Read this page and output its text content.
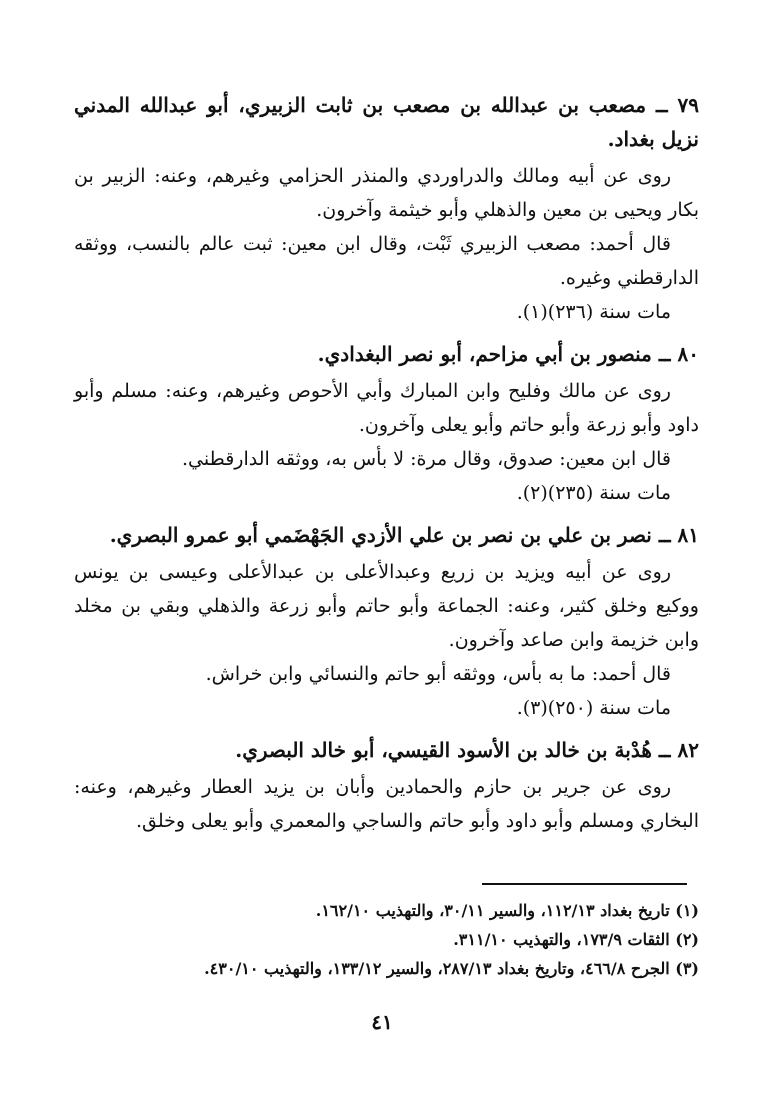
٧٩ ــ مصعب بن عبدالله بن مصعب بن ثابت الزبيري، أبو عبدالله المدني نزيل بغداد.

روى عن أبيه ومالك والدراوردي والمنذر الحزامي وغيرهم، وعنه: الزبير بن بكار ويحيى بن معين والذهلي وأبو خيثمة وآخرون.

قال أحمد: مصعب الزبيري ثَبْت، وقال ابن معين: ثبت عالم بالنسب، ووثقه الدارقطني وغيره.

مات سنة (٢٣٦)(١).

٨٠ ــ منصور بن أبي مزاحم، أبو نصر البغدادي.

روى عن مالك وفليح وابن المبارك وأبي الأحوص وغيرهم، وعنه: مسلم وأبو داود وأبو زرعة وأبو حاتم وأبو يعلى وآخرون.

قال ابن معين: صدوق، وقال مرة: لا بأس به، ووثقه الدارقطني.

مات سنة (٢٣٥)(٢).

٨١ ــ نصر بن علي بن نصر بن علي الأزدي الجَهْضَمي أبو عمرو البصري.

روى عن أبيه ويزيد بن زريع وعبدالأعلى بن عبدالأعلى وعيسى بن يونس ووكيع وخلق كثير، وعنه: الجماعة وأبو حاتم وأبو زرعة والذهلي وبقي بن مخلد وابن خزيمة وابن صاعد وآخرون.

قال أحمد: ما به بأس، ووثقه أبو حاتم والنسائي وابن خراش.

مات سنة (٢٥٠)(٣).

٨٢ ــ هُدْبة بن خالد بن الأسود القيسي، أبو خالد البصري.

روى عن جرير بن حازم والحمادين وأبان بن يزيد العطار وغيرهم، وعنه: البخاري ومسلم وأبو داود وأبو حاتم والساجي والمعمري وأبو يعلى وخلق.

(١) تاريخ بغداد ١١٢/١٣، والسير ٣٠/١١، والتهذيب ١٦٢/١٠.

(٢) الثقات ١٧٣/٩، والتهذيب ٣١١/١٠.

(٣) الجرح ٤٦٦/٨، وتاريخ بغداد ٢٨٧/١٣، والسير ١٣٣/١٢، والتهذيب ٤٣٠/١٠.

٤١
